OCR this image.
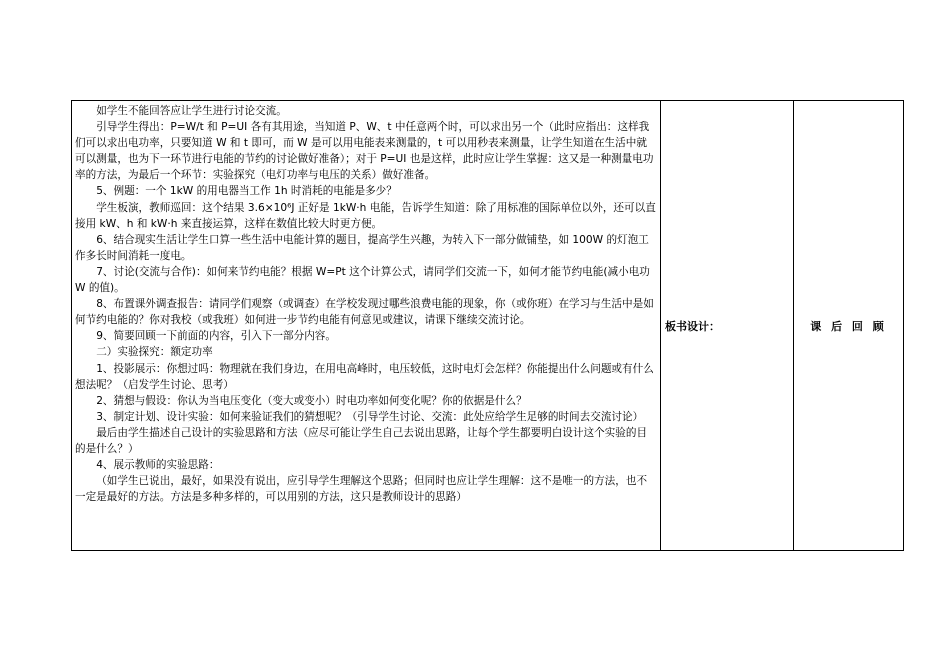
如学生不能回答应让学生进行讨论交流。

引导学生得出：P=W/t 和 P=UI 各有其用途，当知道 P、W、t 中任意两个时，可以求出另一个（此时应指出：这样我们可以求出电功率，只要知道 W 和 t 即可，而 W 是可以用电能表来测量的，t 可以用秒表来测量，让学生知道在生活中就可以测量，也为下一环节进行电能的节约的讨论做好准备）；对于 P=UI 也是这样，此时应让学生掌握：这又是一种测量电功率的方法，为最后一个环节：实验探究（电灯功率与电压的关系）做好准备。

5、例题：一个 1kW 的用电器当工作 1h 时消耗的电能是多少？

学生板演，教师巡回：这个结果 3.6×10⁶J 正好是 1kW·h 电能，告诉学生知道：除了用标准的国际单位以外，还可以直接用 kW、h 和 kW·h 来直接运算，这样在数值比较大时更方便。

6、结合现实生活让学生口算一些生活中电能计算的题目，提高学生兴趣，为转入下一部分做铺垫，如 100W 的灯泡工作多长时间消耗一度电。

7、讨论(交流与合作)：如何来节约电能？根据 W=Pt 这个计算公式，请同学们交流一下，如何才能节约电能(减小电功 W 的值)。

8、布置课外调查报告：请同学们观察（或调查）在学校发现过哪些浪费电能的现象，你（或你班）在学习与生活中是如何节约电能的？你对我校（或我班）如何进一步节约电能有何意见或建议，请课下继续交流讨论。

9、简要回顾一下前面的内容，引入下一部分内容。

二）实验探究：额定功率

1、投影展示：你想过吗：物理就在我们身边，在用电高峰时，电压较低，这时电灯会怎样？你能提出什么问题或有什么想法呢？（启发学生讨论、思考）

2、猜想与假设：你认为当电压变化（变大或变小）时电功率如何变化呢？你的依据是什么？

3、制定计划、设计实验：如何来验证我们的猜想呢？（引导学生讨论、交流：此处应给学生足够的时间去交流讨论）

最后由学生描述自己设计的实验思路和方法（应尽可能让学生自己去说出思路，让每个学生都要明白设计这个实验的目的是什么？）

4、展示教师的实验思路：

（如学生已说出，最好，如果没有说出，应引导学生理解这个思路；但同时也应让学生理解：这不是唯一的方法，也不一定是最好的方法。方法是多种多样的，可以用别的方法，这只是教师设计的思路）

板书设计：	课 后 回 顾
